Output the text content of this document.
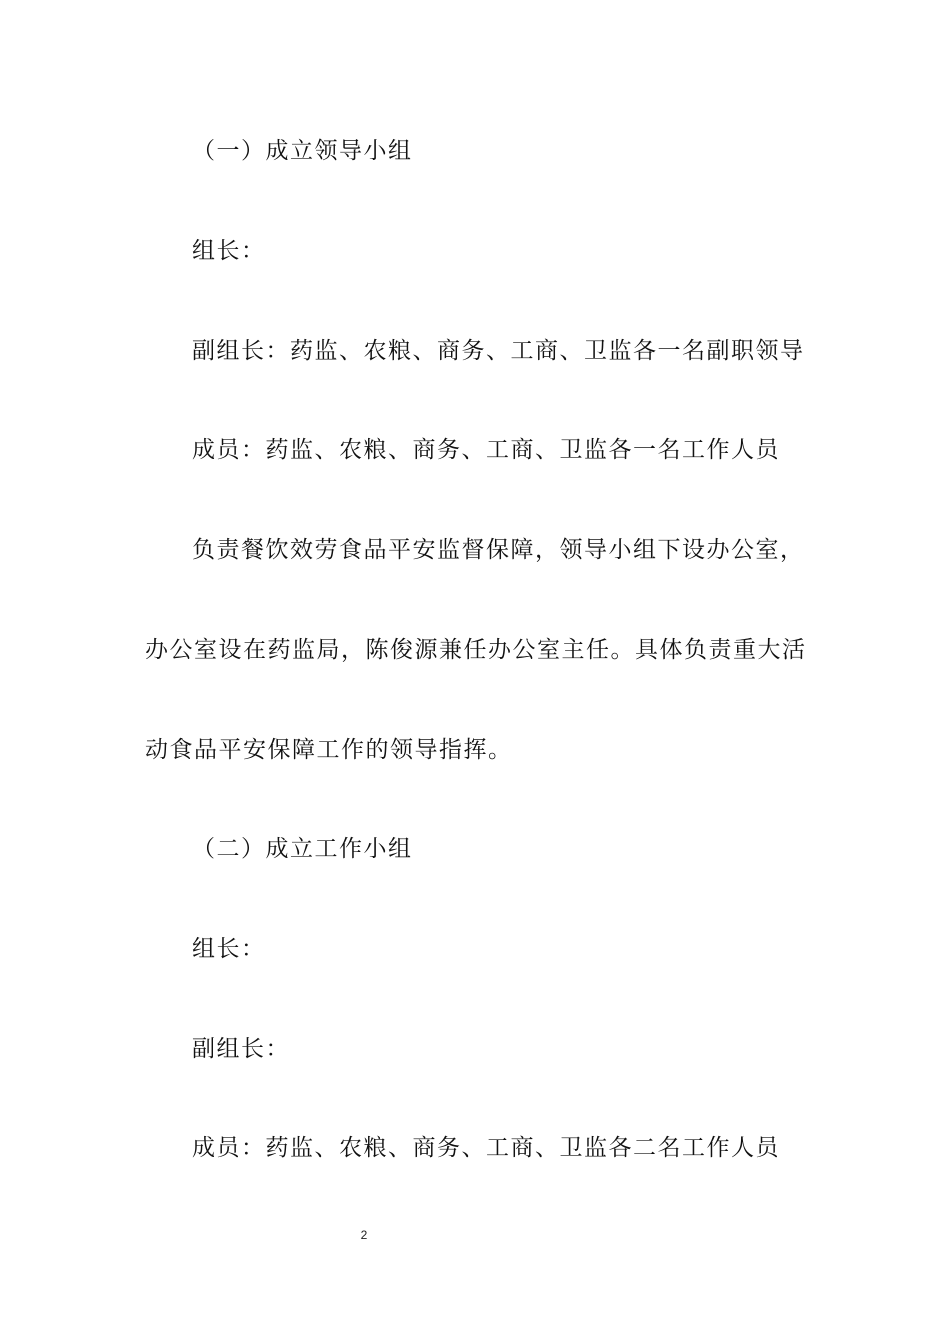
（一）成立领导小组
组长：
副组长：药监、农粮、商务、工商、卫监各一名副职领导
成员：药监、农粮、商务、工商、卫监各一名工作人员
负责餐饮效劳食品平安监督保障，领导小组下设办公室，
办公室设在药监局，陈俊源兼任办公室主任。具体负责重大活
动食品平安保障工作的领导指挥。
（二）成立工作小组
组长：
副组长：
成员：药监、农粮、商务、工商、卫监各二名工作人员
2
